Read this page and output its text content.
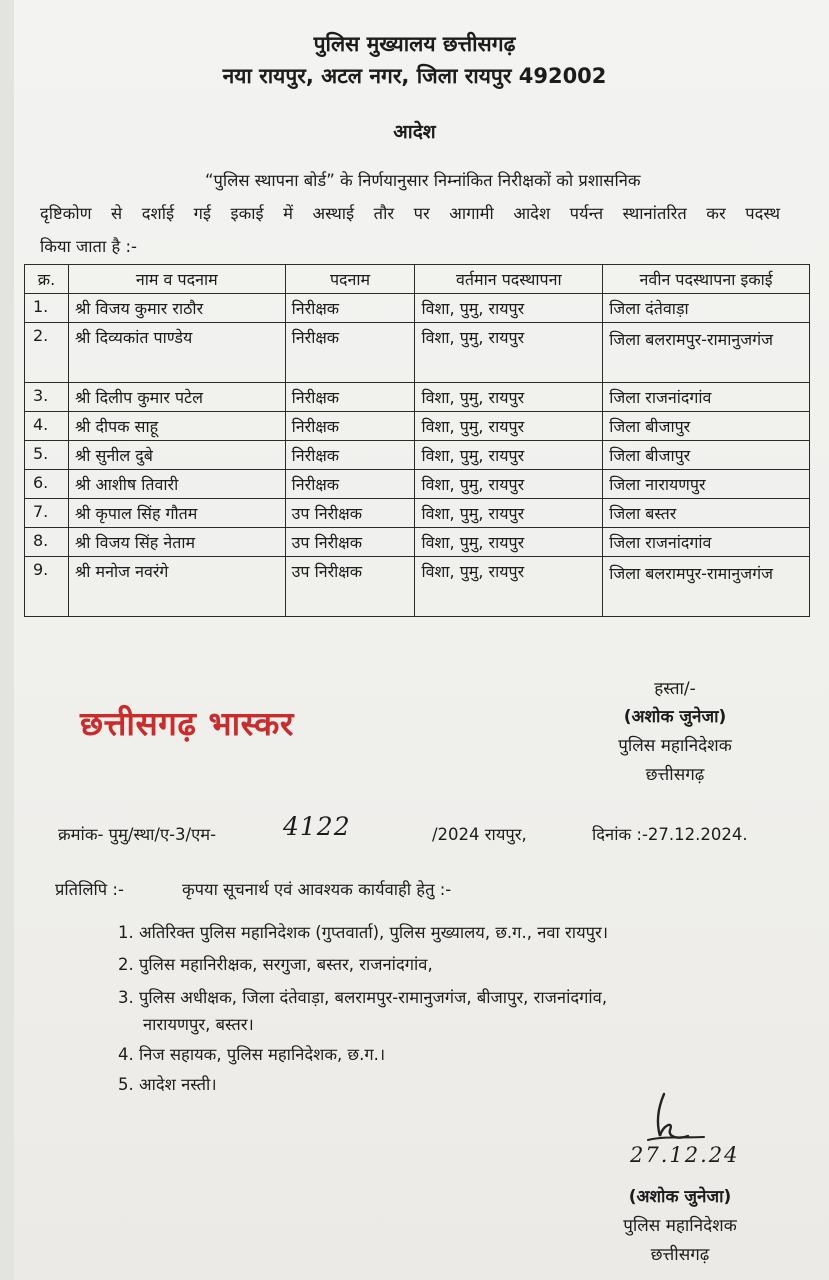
पुलिस मुख्यालय छत्तीसगढ़
नया रायपुर, अटल नगर, जिला रायपुर 492002
आदेश
“पुलिस स्थापना बोर्ड” के निर्णयानुसार निम्नांकित निरीक्षकों को प्रशासनिक
दृष्टिकोण से दर्शाई गई इकाई में अस्थाई तौर पर आगामी आदेश पर्यन्त स्थानांतरित कर पदस्थ
किया जाता है :-
क्र.	नाम व पदनाम	पदनाम	वर्तमान पदस्थापना	नवीन पदस्थापना इकाई
1.	श्री विजय कुमार राठौर	निरीक्षक	विशा, पुमु, रायपुर	जिला दंतेवाड़ा
2.	श्री दिव्यकांत पाण्डेय	निरीक्षक	विशा, पुमु, रायपुर	जिला बलरामपुर-रामानुजगंज
3.	श्री दिलीप कुमार पटेल	निरीक्षक	विशा, पुमु, रायपुर	जिला राजनांदगांव
4.	श्री दीपक साहू	निरीक्षक	विशा, पुमु, रायपुर	जिला बीजापुर
5.	श्री सुनील दुबे	निरीक्षक	विशा, पुमु, रायपुर	जिला बीजापुर
6.	श्री आशीष तिवारी	निरीक्षक	विशा, पुमु, रायपुर	जिला नारायणपुर
7.	श्री कृपाल सिंह गौतम	उप निरीक्षक	विशा, पुमु, रायपुर	जिला बस्तर
8.	श्री विजय सिंह नेताम	उप निरीक्षक	विशा, पुमु, रायपुर	जिला राजनांदगांव
9.	श्री मनोज नवरंगे	उप निरीक्षक	विशा, पुमु, रायपुर	जिला बलरामपुर-रामानुजगंज
छत्तीसगढ़ भास्कर
हस्ता/-
(अशोक जुनेजा)
पुलिस महानिदेशक
छत्तीसगढ़
क्रमांक- पुमु/स्था/ए-3/एम-	4122	/2024 रायपुर,	दिनांक :-27.12.2024.
प्रतिलिपि :-	कृपया सूचनार्थ एवं आवश्यक कार्यवाही हेतु :-
1. अतिरिक्त पुलिस महानिदेशक (गुप्तवार्ता), पुलिस मुख्यालय, छ.ग., नवा रायपुर।
2. पुलिस महानिरीक्षक, सरगुजा, बस्तर, राजनांदगांव,
3. पुलिस अधीक्षक, जिला दंतेवाड़ा, बलरामपुर-रामानुजगंज, बीजापुर, राजनांदगांव,
नारायणपुर, बस्तर।
4. निज सहायक, पुलिस महानिदेशक, छ.ग.।
5. आदेश नस्ती।
27.12.24
(अशोक जुनेजा)
पुलिस महानिदेशक
छत्तीसगढ़
